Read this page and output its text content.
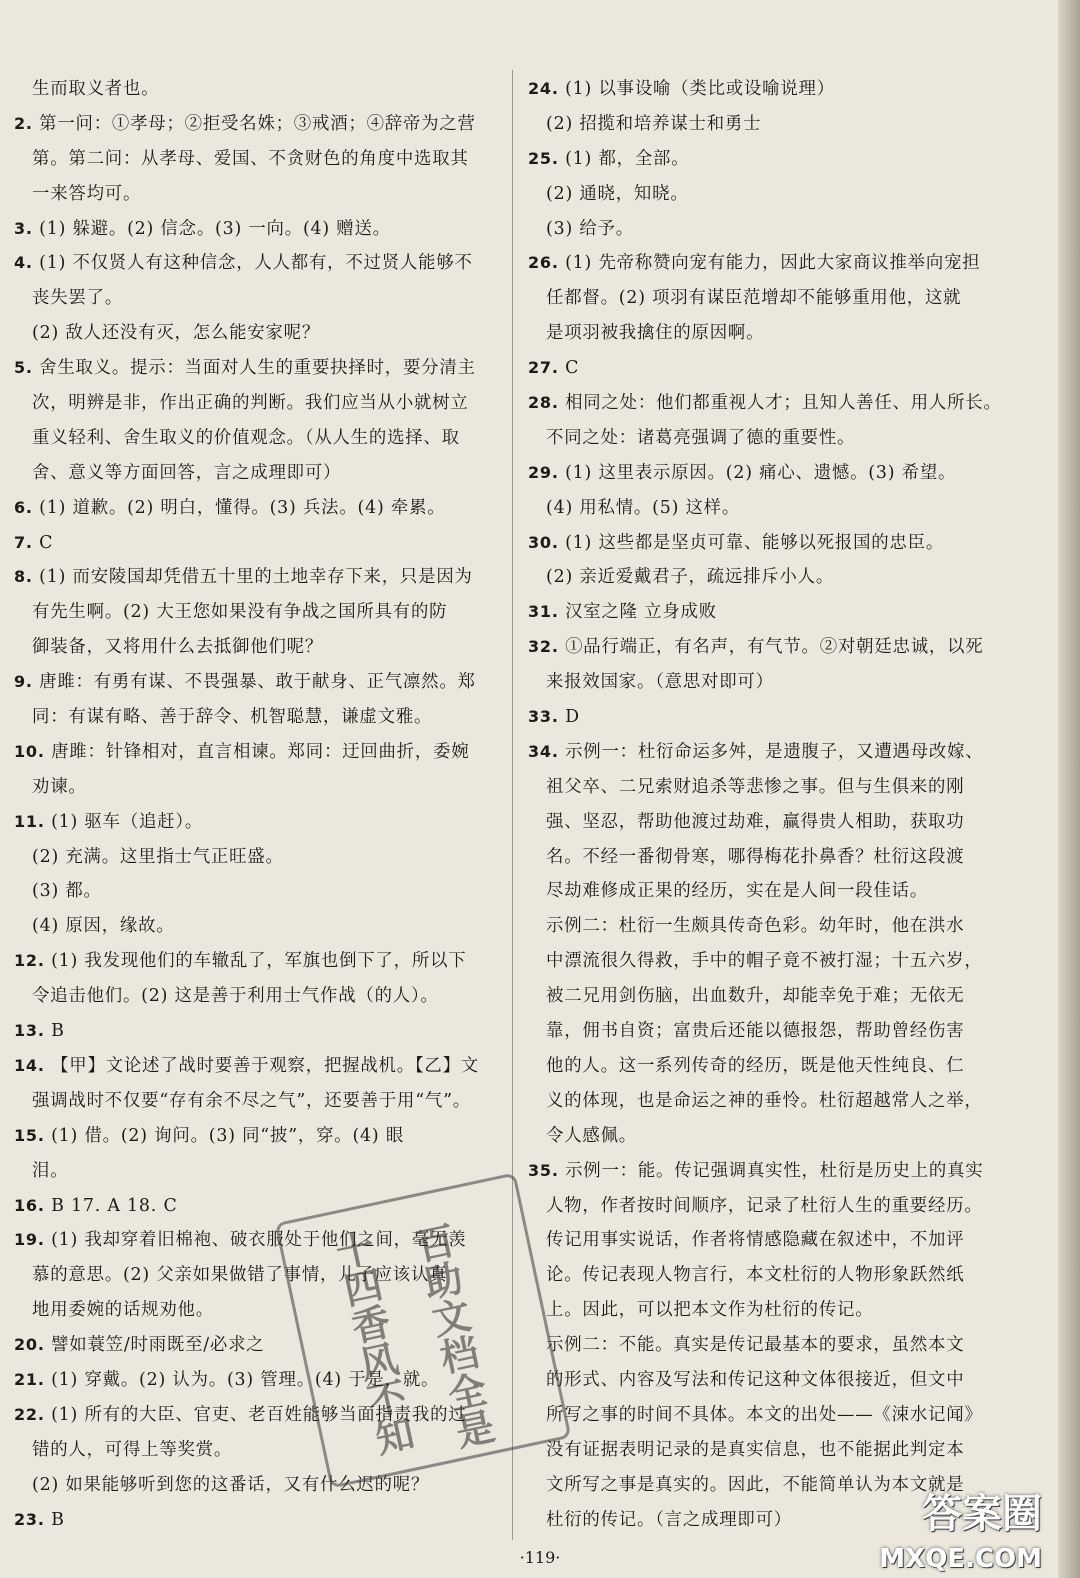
生而取义者也。
2. 第一问：①孝母；②拒受名姝；③戒酒；④辞帝为之营
第。第二问：从孝母、爱国、不贪财色的角度中选取其
一来答均可。
3. (1) 躲避。(2) 信念。(3) 一向。(4) 赠送。
4. (1) 不仅贤人有这种信念，人人都有，不过贤人能够不
丧失罢了。
(2) 敌人还没有灭，怎么能安家呢？
5. 舍生取义。提示：当面对人生的重要抉择时，要分清主
次，明辨是非，作出正确的判断。我们应当从小就树立
重义轻利、舍生取义的价值观念。（从人生的选择、取
舍、意义等方面回答，言之成理即可）
6. (1) 道歉。(2) 明白，懂得。(3) 兵法。(4) 牵累。
7. C
8. (1) 而安陵国却凭借五十里的土地幸存下来，只是因为
有先生啊。(2) 大王您如果没有争战之国所具有的防
御装备，又将用什么去抵御他们呢？
9. 唐雎：有勇有谋、不畏强暴、敢于献身、正气凛然。郑
同：有谋有略、善于辞令、机智聪慧，谦虚文雅。
10. 唐雎：针锋相对，直言相谏。郑同：迂回曲折，委婉
劝谏。
11. (1) 驱车（追赶）。
(2) 充满。这里指士气正旺盛。
(3) 都。
(4) 原因，缘故。
12. (1) 我发现他们的车辙乱了，军旗也倒下了，所以下
令追击他们。(2) 这是善于利用士气作战（的人）。
13. B
14. 【甲】文论述了战时要善于观察，把握战机。【乙】文
强调战时不仅要“存有余不尽之气”，还要善于用“气”。
15. (1) 借。(2) 询问。(3) 同“披”，穿。(4) 眼
泪。
16. B 17. A 18. C
19. (1) 我却穿着旧棉袍、破衣服处于他们之间，毫无羡
慕的意思。(2) 父亲如果做错了事情，儿子应该认真
地用委婉的话规劝他。
20. 譬如蓑笠/时雨既至/必求之
21. (1) 穿戴。(2) 认为。(3) 管理。(4) 于是，就。
22. (1) 所有的大臣、官吏、老百姓能够当面指责我的过
错的人，可得上等奖赏。
(2) 如果能够听到您的这番话，又有什么迟的呢？
23. B
24. (1) 以事设喻（类比或设喻说理）
(2) 招揽和培养谋士和勇士
25. (1) 都，全部。
(2) 通晓，知晓。
(3) 给予。
26. (1) 先帝称赞向宠有能力，因此大家商议推举向宠担
任都督。(2) 项羽有谋臣范增却不能够重用他，这就
是项羽被我擒住的原因啊。
27. C
28. 相同之处：他们都重视人才；且知人善任、用人所长。
不同之处：诸葛亮强调了德的重要性。
29. (1) 这里表示原因。(2) 痛心、遗憾。(3) 希望。
(4) 用私情。(5) 这样。
30. (1) 这些都是坚贞可靠、能够以死报国的忠臣。
(2) 亲近爱戴君子，疏远排斥小人。
31. 汉室之隆 立身成败
32. ①品行端正，有名声，有气节。②对朝廷忠诚，以死
来报效国家。（意思对即可）
33. D
34. 示例一：杜衍命运多舛，是遗腹子，又遭遇母改嫁、
祖父卒、二兄索财追杀等悲惨之事。但与生俱来的刚
强、坚忍，帮助他渡过劫难，赢得贵人相助，获取功
名。不经一番彻骨寒，哪得梅花扑鼻香？杜衍这段渡
尽劫难修成正果的经历，实在是人间一段佳话。
示例二：杜衍一生颇具传奇色彩。幼年时，他在洪水
中漂流很久得救，手中的帽子竟不被打湿；十五六岁，
被二兄用剑伤脑，出血数升，却能幸免于难；无依无
靠，佣书自资；富贵后还能以德报怨，帮助曾经伤害
他的人。这一系列传奇的经历，既是他天性纯良、仁
义的体现，也是命运之神的垂怜。杜衍超越常人之举，
令人感佩。
35. 示例一：能。传记强调真实性，杜衍是历史上的真实
人物，作者按时间顺序，记录了杜衍人生的重要经历。
传记用事实说话，作者将情感隐藏在叙述中，不加评
论。传记表现人物言行，本文杜衍的人物形象跃然纸
上。因此，可以把本文作为杜衍的传记。
示例二：不能。真实是传记最基本的要求，虽然本文
的形式、内容及写法和传记这种文体很接近，但文中
所写之事的时间不具体。本文的出处——《涑水记闻》
没有证据表明记录的是真实信息，也不能据此判定本
文所写之事是真实的。因此，不能简单认为本文就是
杜衍的传记。（言之成理即可）
十四香风不知
百助文档全是
·119·
答案圈
MXQE.COM
